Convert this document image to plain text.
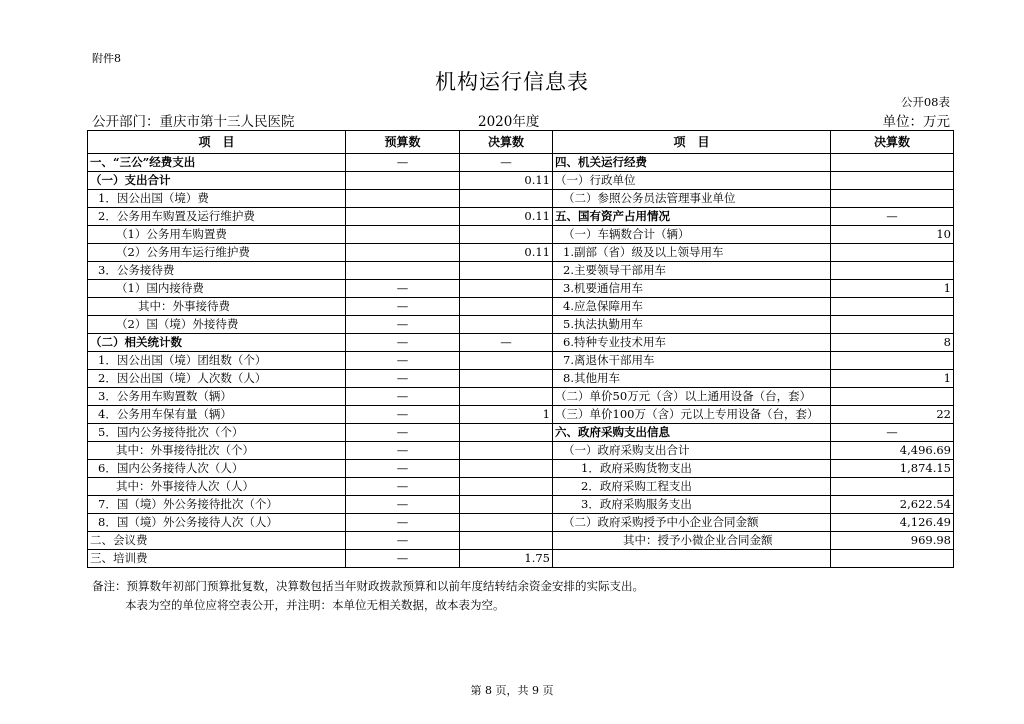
附件8
机构运行信息表
公开08表
公开部门：重庆市第十三人民医院	2020年度	单位：万元
项　目	预算数	决算数	项　目	决算数
一、“三公”经费支出	—	—	四、机关运行经费	
（一）支出合计		0.11	（一）行政单位	
1．因公出国（境）费			（二）参照公务员法管理事业单位	
2．公务用车购置及运行维护费		0.11	五、国有资产占用情况	—
（1）公务用车购置费			（一）车辆数合计（辆）	10
（2）公务用车运行维护费		0.11	1.副部（省）级及以上领导用车	
3．公务接待费			2.主要领导干部用车	
（1）国内接待费	—		3.机要通信用车	1
其中：外事接待费	—		4.应急保障用车	
（2）国（境）外接待费	—		5.执法执勤用车	
（二）相关统计数	—	—	6.特种专业技术用车	8
1．因公出国（境）团组数（个）	—		7.离退休干部用车	
2．因公出国（境）人次数（人）	—		8.其他用车	1
3．公务用车购置数（辆）	—		（二）单价50万元（含）以上通用设备（台，套）	
4．公务用车保有量（辆）	—	1	（三）单价100万（含）元以上专用设备（台，套）	22
5．国内公务接待批次（个）	—		六、政府采购支出信息	—
其中：外事接待批次（个）	—		（一）政府采购支出合计	4,496.69
6．国内公务接待人次（人）	—		1．政府采购货物支出	1,874.15
其中：外事接待人次（人）	—		2．政府采购工程支出	
7．国（境）外公务接待批次（个）	—		3．政府采购服务支出	2,622.54
8．国（境）外公务接待人次（人）	—		（二）政府采购授予中小企业合同金额	4,126.49
二、会议费	—		其中：授予小微企业合同金额	969.98
三、培训费	—	1.75		
备注：预算数年初部门预算批复数，决算数包括当年财政拨款预算和以前年度结转结余资金安排的实际支出。
本表为空的单位应将空表公开，并注明：本单位无相关数据，故本表为空。
第 8 页，共 9 页
